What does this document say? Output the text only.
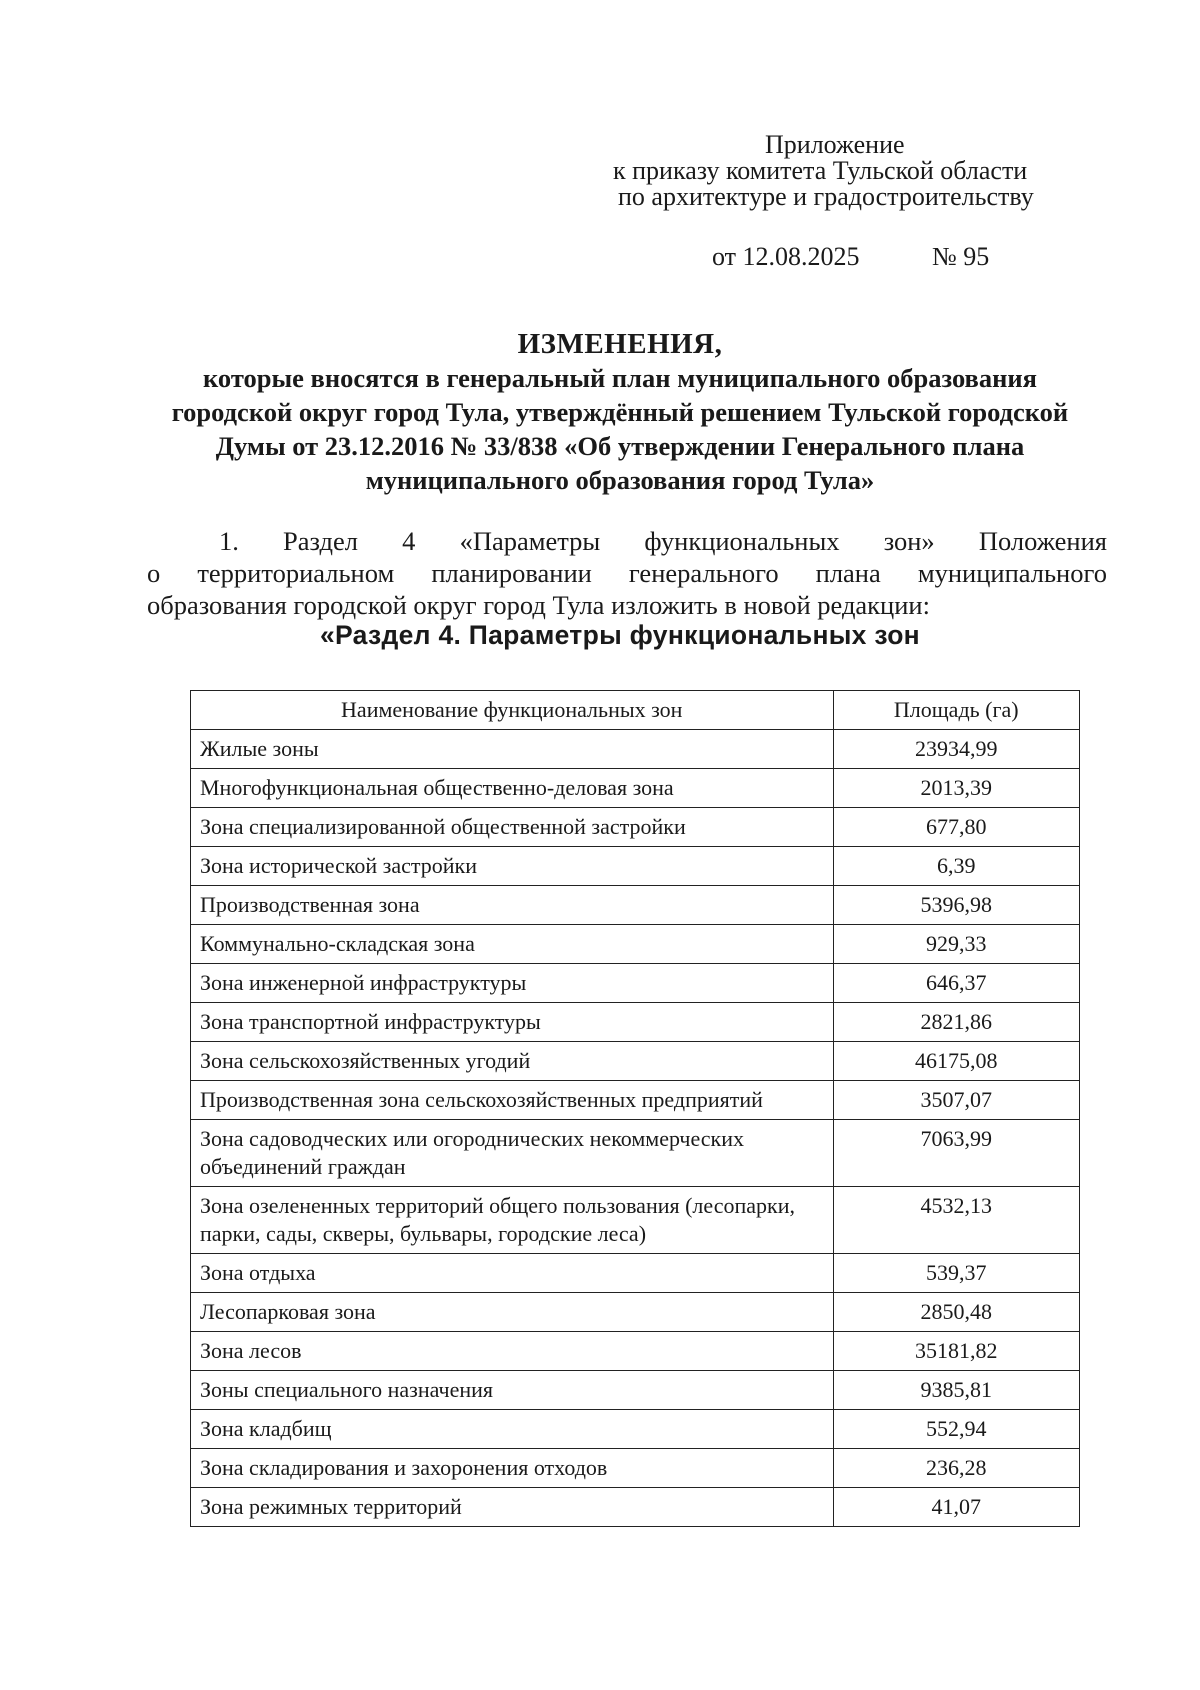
Приложение
к приказу комитета Тульской области
по архитектуре и градостроительству
от 12.08.2025	№ 95
ИЗМЕНЕНИЯ,
которые вносятся в генеральный план муниципального образования
городской округ город Тула, утверждённый решением Тульской городской
Думы от 23.12.2016 № 33/838 «Об утверждении Генерального плана
муниципального образования город Тула»
1. Раздел 4 «Параметры функциональных зон» Положения
о территориальном планировании генерального плана муниципального
образования городской округ город Тула изложить в новой редакции:
«Раздел 4. Параметры функциональных зон
Наименование функциональных зон	Площадь (га)
Жилые зоны	23934,99
Многофункциональная общественно-деловая зона	2013,39
Зона специализированной общественной застройки	677,80
Зона исторической застройки	6,39
Производственная зона	5396,98
Коммунально-складская зона	929,33
Зона инженерной инфраструктуры	646,37
Зона транспортной инфраструктуры	2821,86
Зона сельскохозяйственных угодий	46175,08
Производственная зона сельскохозяйственных предприятий	3507,07
Зона садоводческих или огороднических некоммерческих объединений граждан	7063,99
Зона озелененных территорий общего пользования (лесопарки, парки, сады, скверы, бульвары, городские леса)	4532,13
Зона отдыха	539,37
Лесопарковая зона	2850,48
Зона лесов	35181,82
Зоны специального назначения	9385,81
Зона кладбищ	552,94
Зона складирования и захоронения отходов	236,28
Зона режимных территорий	41,07
